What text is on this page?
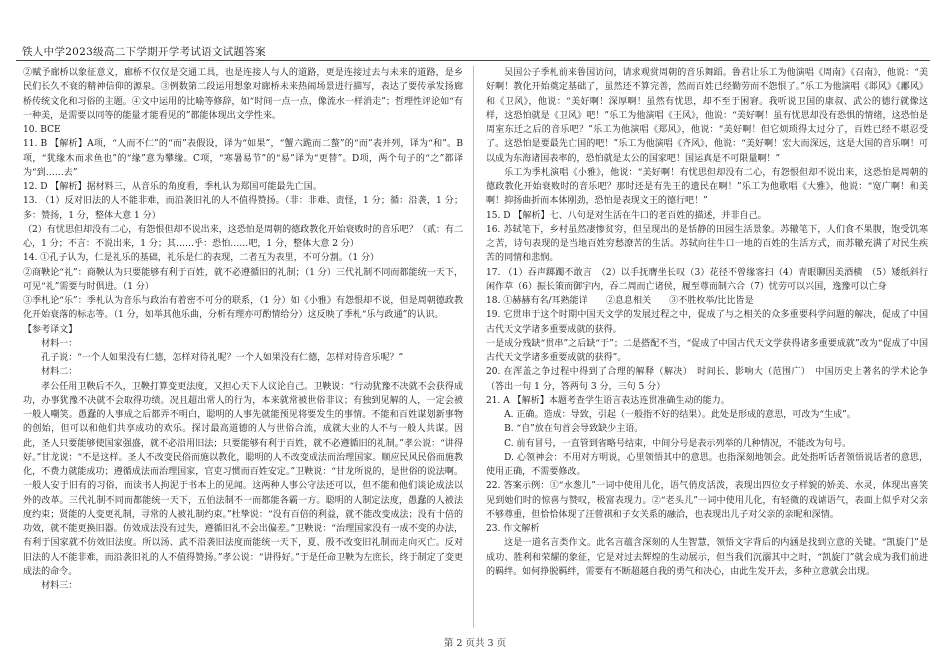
铁人中学2023级高二下学期开学考试语文试题答案

②赋予廊桥以象征意义，廊桥不仅仅是交通工具，也是连接人与人的道路，更是连接过去与未来的道路，是乡民们长久不衰的精神信仰的源泉。③例数第二段运用想象对廊桥未来热闹场景进行描写，表达了要传承发扬廊桥传统文化和习俗的主题。④文中运用的比喻等修辞，如“时间一点一点，像流水一样消走”；哲理性评论如“有一种美，是需要以同等的能量才能看见的”都能体现出文学性来。

10. BCE

11. B 【解析】A项，“人而不仁”的“而”表假设，译为“如果”，“蟹六跪而二螯”的“而”表并列，译为“和”。B 项，“犹缘木而求鱼也”的“缘”意为攀缘。C项，“寒暑易节”的“易”译为“更替”。D项，两个句子的“之”都译为“到……去”

12. D 【解析】据材料三，从音乐的角度看，季札认为郑国可能最先亡国。

13. （1）反对旧法的人不能非难，而沿袭旧礼的人不值得赞扬。（非：非难、责怪，1 分；循：沿袭，1 分；多：赞扬，1 分，整体大意 1 分）

（2）有忧思但却没有二心，有怨恨但却不说出来，这恐怕是周朝的德政教化开始衰败时的音乐吧？（贰：有二心，1 分；不言：不说出来，1 分；其……乎：恐怕……吧，1 分，整体大意 2 分）

14. ①孔子认为，仁是礼乐的基础，礼乐是仁的表现，二者互为表里，不可分割。（1 分）

②商鞅论“礼”：商鞅认为只要能够有利于百姓，就不必遵循旧的礼制；（1 分）三代礼制不同而都能统一天下，可见“礼”需要与时俱进。（1 分）

③季札论“乐”：季札认为音乐与政治有着密不可分的联系，（1 分）如《小雅》有怨恨却不说，但是周朝德政教化开始衰落的标志等。（1 分，如举其他乐曲，分析有理亦可酌情给分）这反映了季札“乐与政通”的认识。

【参考译文】

材料一：

孔子说：“一个人如果没有仁德，怎样对待礼呢？一个人如果没有仁德，怎样对待音乐呢？”

材料二：

孝公任用卫鞅后不久，卫鞅打算变更法度，又担心天下人议论自己。卫鞅说：“行动犹豫不决就不会获得成功，办事犹豫不决就不会取得功绩。况且超出常人的行为，本来就常被世俗非议；有独到见解的人，一定会被一般人嘲笑。愚蠢的人事成之后都弄不明白，聪明的人事先就能预见将要发生的事情。不能和百姓谋划新事物的创始，但可以和他们共享成功的欢乐。探讨最高道德的人与世俗合流，成就大业的人不与一般人共谋。因此，圣人只要能够使国家强盛，就不必沿用旧法；只要能够有利于百姓，就不必遵循旧的礼制。”孝公说：“讲得好。”甘龙说：“不是这样。圣人不改变民俗而施以教化，聪明的人不改变成法而治理国家。顺应民风民俗而施教化，不费力就能成功；遵循成法而治理国家，官吏习惯而百姓安定。”卫鞅说：“甘龙所说的，是世俗的说法啊。一般人安于旧有的习俗，而读书人拘泥于书本上的见闻。这两种人事公守法还可以，但不能和他们谈论成法以外的改革。三代礼制不同而都能统一天下，五伯法制不一而都能各霸一方。聪明的人制定法度，愚蠢的人被法度约束；贤能的人变更礼制，寻常的人被礼制约束。”杜挚说：“没有百倍的利益，就不能改变成法；没有十倍的功效，就不能更换旧器。仿效成法没有过失，遵循旧礼不会出偏差。”卫鞅说：“治理国家没有一成不变的办法，有利于国家就不仿效旧法度。所以汤、武不沿袭旧法度而能统一天下，夏、殷不改变旧礼制而走向灭亡。反对旧法的人不能非难，而沿袭旧礼的人不值得赞扬。”孝公说：“讲得好。”于是任命卫鞅为左庶长，终于制定了变更成法的命令。

材料三：

吴国公子季札前来鲁国访问，请求观赏周朝的音乐舞蹈。鲁君让乐工为他演唱《周南》《召南》，他说：“美好啊！教化开始奠定基础了，虽然还不算完善，然而百姓已经勤劳而不怨恨了。”乐工为他演唱《邶风》《鄘风》和《卫风》，他说：“美好啊！深厚啊！虽然有忧思，却不至于困窘。我听说卫国的康叔、武公的德行就像这样，这恐怕就是《卫风》吧！”乐工为他演唱《王风》，他说：“美好啊！虽有忧思却没有恐惧的情绪，这恐怕是周室东迁之后的音乐吧？”乐工为他演唱《郑风》，他说：“美好啊！但它烦琐得太过分了，百姓已经不堪忍受了。这恐怕是要最先亡国的吧！”乐工为他演唱《齐风》，他说：“美好啊！宏大而深远，这是大国的音乐啊！可以成为东海诸国表率的，恐怕就是太公的国家吧！国运真是不可限量啊！”

乐工为季札演唱《小雅》，他说：“美好啊！有忧思但却没有二心，有怨恨但却不说出来，这恐怕是周朝的德政教化开始衰败时的音乐吧？那时还是有先王的遗民在啊！”乐工为他歌唱《大雅》，他说：“宽广啊！和美啊！抑扬曲折而本体刚劲，恐怕是表现文王的德行吧！”

15. D 【解析】七、八句是对生活在牛口的老百姓的描述，并非自己。

16. 苏轼笔下，乡村虽然凄惨贫穷，但呈现出的是恬静的田园生活景象。苏辙笔下，人们食不果腹，饱受饥寒之苦，诗句表现的是当地百姓穷愁潦苦的生活。苏轼向往牛口一地的百姓的生活方式，而苏辙充满了对民生疾苦的同情和悲悯。

17. （1）吞声踯躅不敢言　（2）以手抚膺坐长叹（3）花径不曾缘客扫（4）青眼聊因美酒横　（5）矮纸斜行闲作草（6）振长策而御宇内，吞二周而亡诸侯，履至尊而制六合（7）忧劳可以兴国，逸豫可以亡身

18. ①赫赫有名/耳熟能详　　②息息相关　　③不胜枚举/比比皆是

19. 它贯串于这个时期中国天文学的发展过程之中，促成了与之相关的众多重要科学问题的解决，促成了中国古代天文学诸多重要成就的获得。

一是成分残缺“贯串”之后缺“于”；二是搭配不当，“促成了中国古代天文学获得诸多重要成就”改为“促成了中国古代天文学诸多重要成就的获得”。

20. 在浑盖之争过程中得到了合理的解释（解决）　时间长、影响大（范围广）　中国历史上著名的学术论争（答出一句 1 分，答两句 3 分，三句 5 分）

21. A 【解析】本题考查学生语言表达连贯准确生动的能力。

A. 正确。造成：导致，引起（一般指不好的结果）。此处是形成的意思，可改为“生成”。

B. “自”放在句首会导致缺少主语。

C. 前有冒号，一直管到省略号结束，中间分号是表示列举的几种情况，不能改为句号。

D. 心领神会：不用对方明说，心里领悟其中的意思。也指深刻地领会。此处指听话者领悟说话者的意思，使用正确，不需要修改。

22. 答案示例：①“水葱儿”一词中使用儿化，语气俏皮活泼，表现出四位女子样貌的娇美、水灵，体现出喜笑见到她们时的惊喜与赞叹，极富表现力。②“老头儿”一词中使用儿化，有轻微的戏谑语气，表面上似乎对父亲不够尊重，但恰恰体现了汪曾祺和子女关系的融洽，也表现出儿子对父亲的亲昵和深情。

23. 作文解析

这是一道名言类作文。此名言蕴含深刻的人生智慧，领悟文字背后的内涵是找到立意的关键。“凯旋门”是成功、胜利和荣耀的象征，它是对过去辉煌的生动展示，但当我们沉溺其中之时，“凯旋门”就会成为我们前进的羁绊。如何挣脱羁绊，需要有不断超越自我的勇气和决心，由此生发开去，多种立意就会出现。

第 2 页共 3 页
